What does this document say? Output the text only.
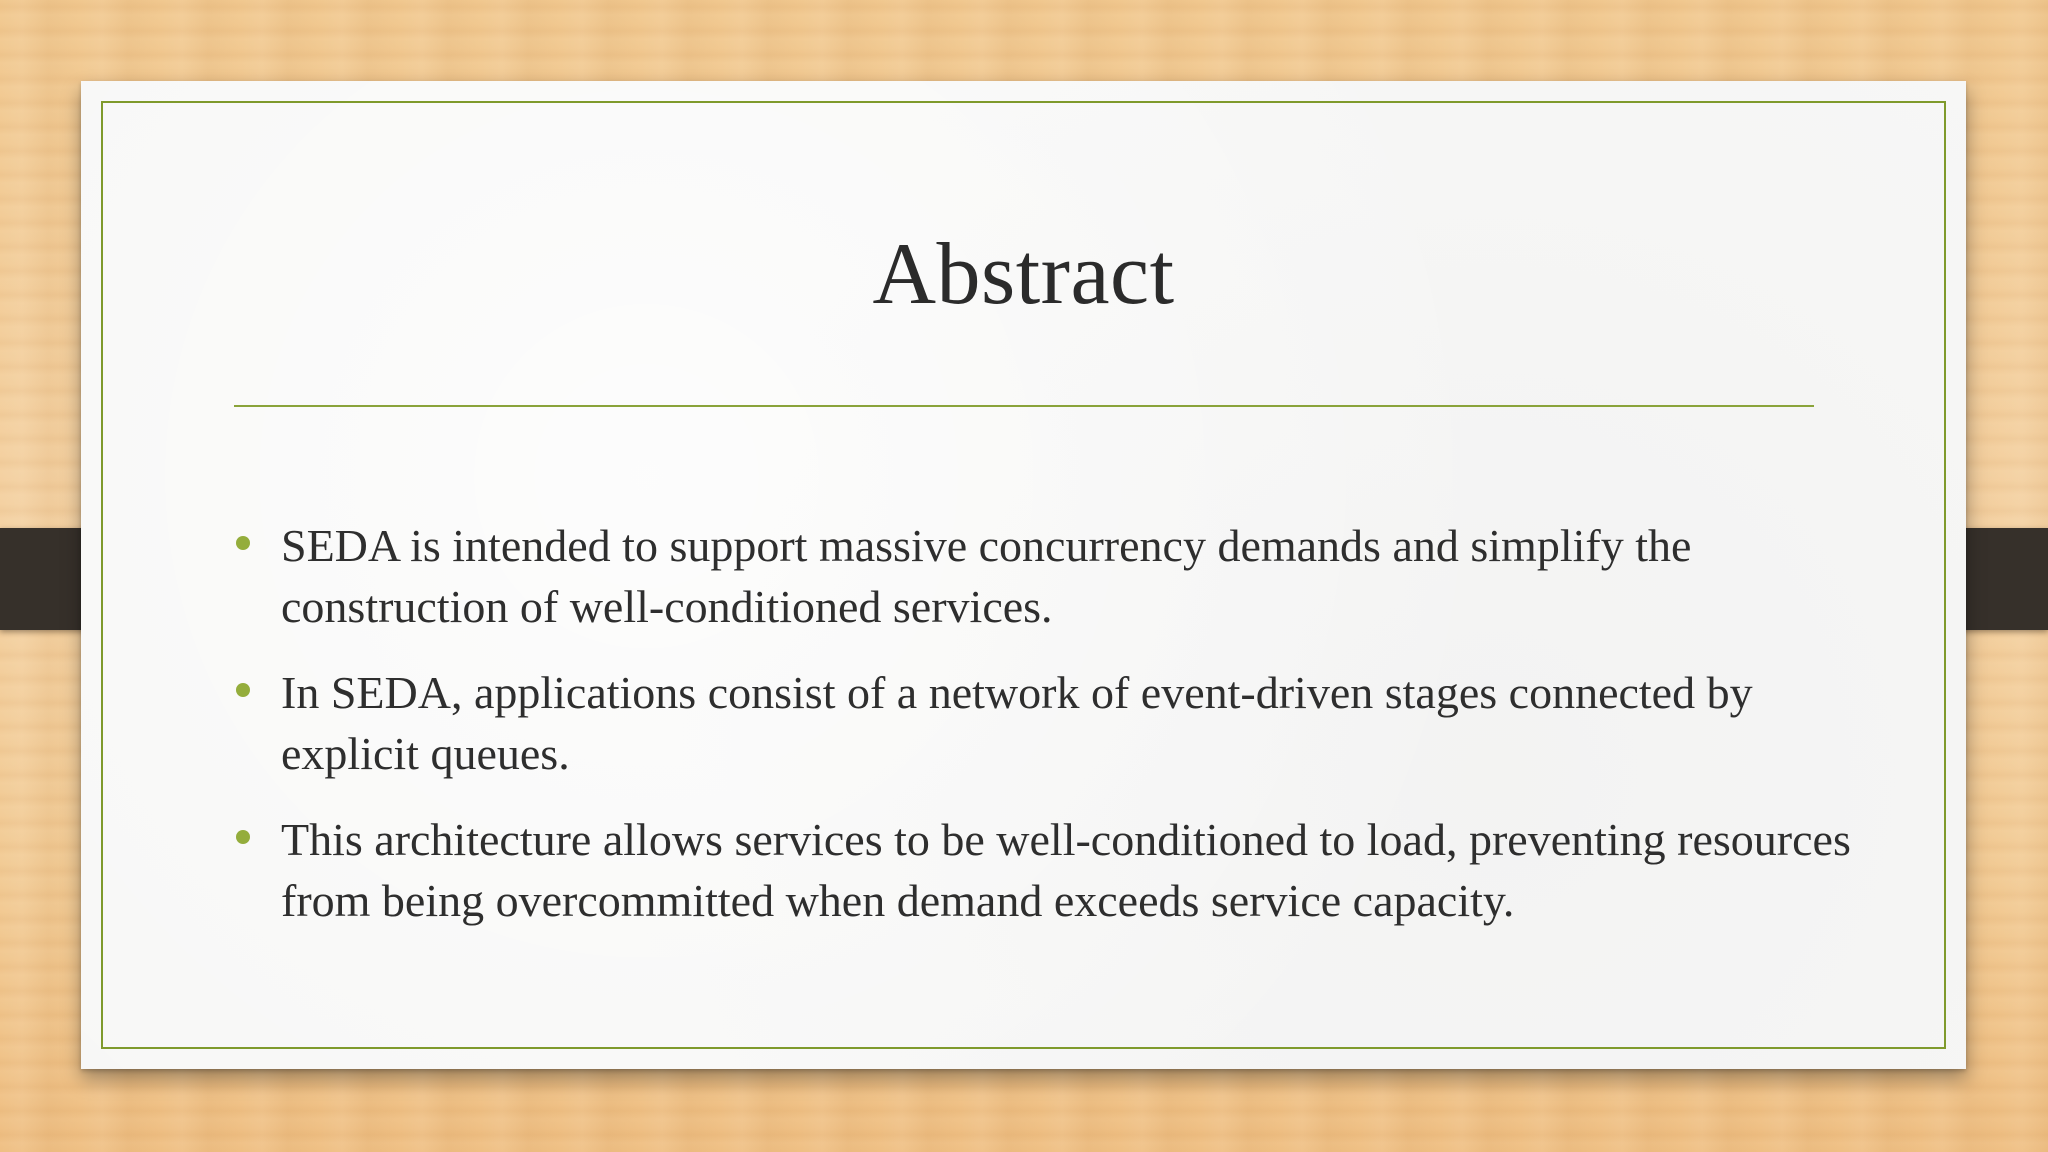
Abstract
SEDA is intended to support massive concurrency demands and simplify the construction of well-conditioned services.
In SEDA, applications consist of a network of event-driven stages connected by explicit queues.
This architecture allows services to be well-conditioned to load, preventing resources from being overcommitted when demand exceeds service capacity.
